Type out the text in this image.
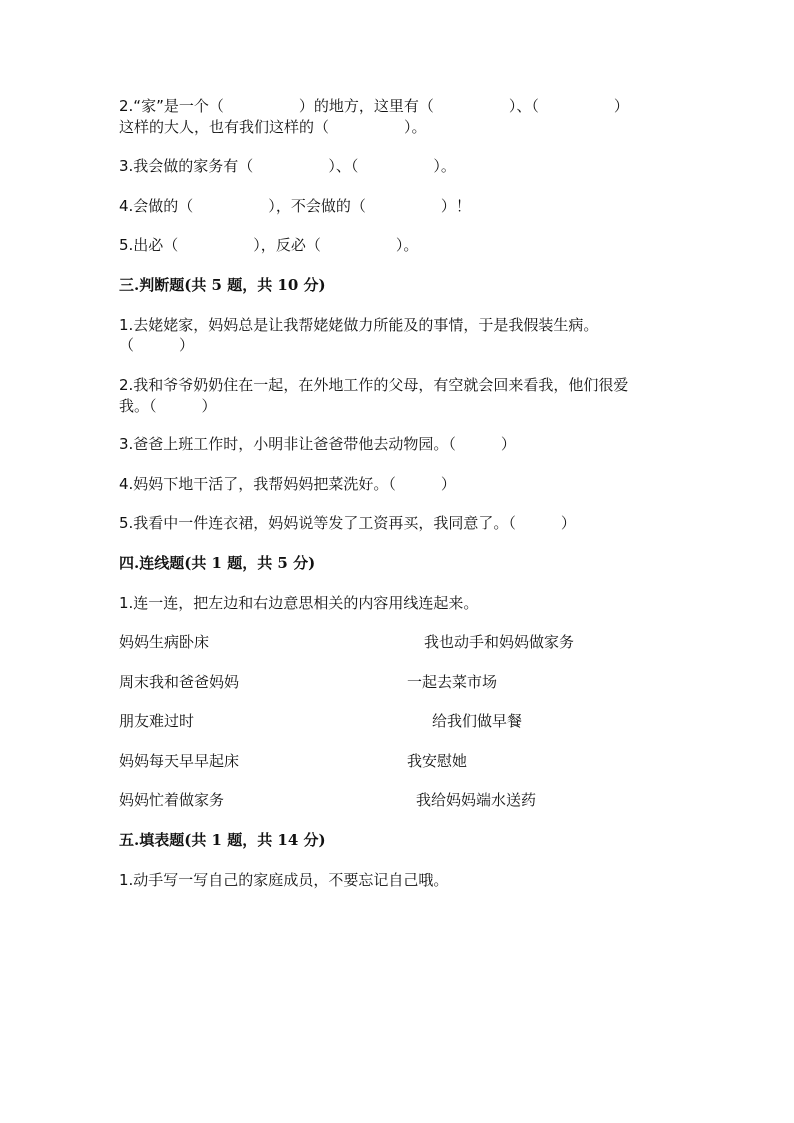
2.“家”是一个（　　　　　）的地方，这里有（　　　　　）、（　　　　　）
这样的大人，也有我们这样的（　　　　　）。
3.我会做的家务有（　　　　　）、（　　　　　）。
4.会做的（　　　　　），不会做的（　　　　　）！
5.出必（　　　　　），反必（　　　　　）。
三.判断题(共 5 题，共 10 分)
1.去姥姥家，妈妈总是让我帮姥姥做力所能及的事情，于是我假装生病。
（　　　）
2.我和爷爷奶奶住在一起，在外地工作的父母，有空就会回来看我，他们很爱
我。（　　　）
3.爸爸上班工作时，小明非让爸爸带他去动物园。（　　　）
4.妈妈下地干活了，我帮妈妈把菜洗好。（　　　）
5.我看中一件连衣裙，妈妈说等发了工资再买，我同意了。（　　　）
四.连线题(共 1 题，共 5 分)
1.连一连，把左边和右边意思相关的内容用线连起来。
妈妈生病卧床	我也动手和妈妈做家务
周末我和爸爸妈妈	一起去菜市场
朋友难过时	给我们做早餐
妈妈每天早早起床	我安慰她
妈妈忙着做家务	我给妈妈端水送药
五.填表题(共 1 题，共 14 分)
1.动手写一写自己的家庭成员，不要忘记自己哦。
